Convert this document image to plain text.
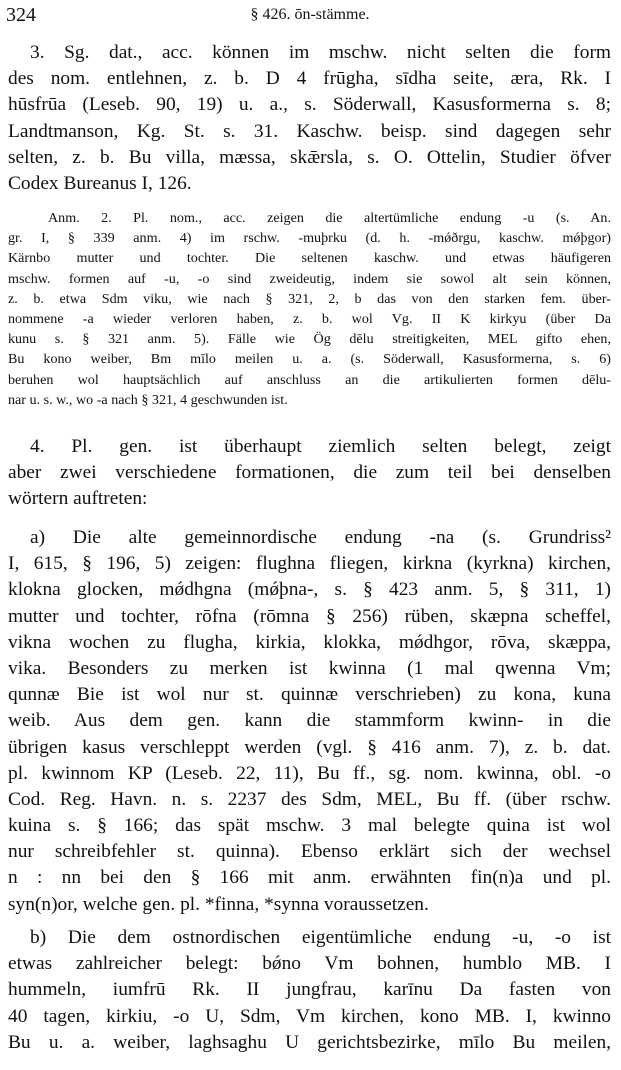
324	§ 426. ōn-stämme.
3. Sg. dat., acc. können im mschw. nicht selten die form
des nom. entlehnen, z. b. D 4 frūgha, sīdha seite, æra, Rk. I
hūsfrūa (Leseb. 90, 19) u. a., s. Söderwall, Kasusformerna s. 8;
Landtmanson, Kg. St. s. 31. Kaschw. beisp. sind dagegen sehr
selten, z. b. Bu villa, mæssa, skǣrsla, s. O. Ottelin, Studier öfver
Codex Bureanus I, 126.
Anm. 2. Pl. nom., acc. zeigen die altertümliche endung -u (s. An.
gr. I, § 339 anm. 4) im rschw. -muþrku (d. h. -mǿðrgu, kaschw. mǿþgor)
Kärnbo mutter und tochter. Die seltenen kaschw. und etwas häufigeren
mschw. formen auf -u, -o sind zweideutig, indem sie sowol alt sein können,
z. b. etwa Sdm viku, wie nach § 321, 2, b das von den starken fem. über-
nommene -a wieder verloren haben, z. b. wol Vg. II K kirkyu (über Da
kunu s. § 321 anm. 5). Fälle wie Ög dēlu streitigkeiten, MEL gifto ehen,
Bu kono weiber, Bm mīlo meilen u. a. (s. Söderwall, Kasusformerna, s. 6)
beruhen wol hauptsächlich auf anschluss an die artikulierten formen dēlu-
nar u. s. w., wo -a nach § 321, 4 geschwunden ist.
4. Pl. gen. ist überhaupt ziemlich selten belegt, zeigt
aber zwei verschiedene formationen, die zum teil bei denselben
wörtern auftreten:
a) Die alte gemeinnordische endung -na (s. Grundriss²
I, 615, § 196, 5) zeigen: flughna fliegen, kirkna (kyrkna) kirchen,
klokna glocken, mǿdhgna (mǿþna-, s. § 423 anm. 5, § 311, 1)
mutter und tochter, rōfna (rōmna § 256) rüben, skæpna scheffel,
vikna wochen zu flugha, kirkia, klokka, mǿdhgor, rōva, skæppa,
vika. Besonders zu merken ist kwinna (1 mal qwenna Vm;
qunnæ Bie ist wol nur st. quinnæ verschrieben) zu kona, kuna
weib. Aus dem gen. kann die stammform kwinn- in die
übrigen kasus verschleppt werden (vgl. § 416 anm. 7), z. b. dat.
pl. kwinnom KP (Leseb. 22, 11), Bu ff., sg. nom. kwinna, obl. -o
Cod. Reg. Havn. n. s. 2237 des Sdm, MEL, Bu ff. (über rschw.
kuina s. § 166; das spät mschw. 3 mal belegte quina ist wol
nur schreibfehler st. quinna). Ebenso erklärt sich der wechsel
n : nn bei den § 166 mit anm. erwähnten fin(n)a und pl.
syn(n)or, welche gen. pl. *finna, *synna voraussetzen.
b) Die dem ostnordischen eigentümliche endung -u, -o ist
etwas zahlreicher belegt: bǿno Vm bohnen, humblo MB. I
hummeln, iumfrū Rk. II jungfrau, karīnu Da fasten von
40 tagen, kirkiu, -o U, Sdm, Vm kirchen, kono MB. I, kwinno
Bu u. a. weiber, laghsaghu U gerichtsbezirke, mīlo Bu meilen,
